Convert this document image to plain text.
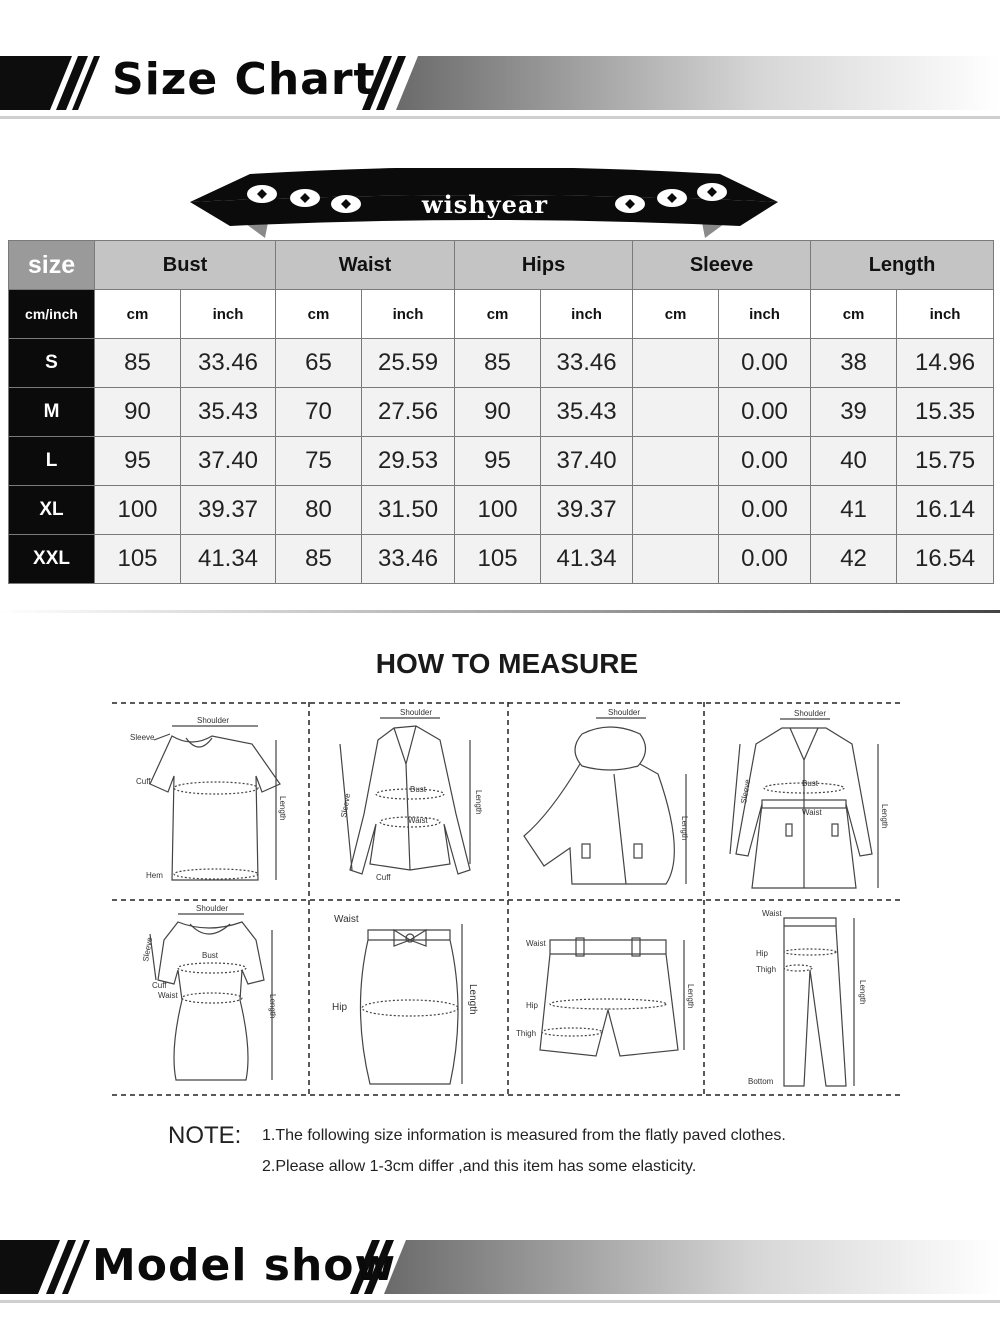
Size Chart
wishyear
size	Bust		Waist		Hips		Sleeve		Length	
cm/inch	cm	inch	cm	inch	cm	inch	cm	inch	cm	inch
S	85	33.46	65	25.59	85	33.46		0.00	38	14.96
M	90	35.43	70	27.56	90	35.43		0.00	39	15.35
L	95	37.40	75	29.53	95	37.40		0.00	40	15.75
XL	100	39.37	80	31.50	100	39.37		0.00	41	16.14
XXL	105	41.34	85	33.46	105	41.34		0.00	42	16.54
HOW TO MEASURE
Shoulder
Sleeve
Cuff
Length
Hem
Shoulder
Sleeve
Bust
Waist
Length
Cuff
Shoulder
Length
Shoulder
Sleeve	Bust
Waist	Length
Shoulder
Sleeve	Bust
Cuff
Waist	Length
Waist
Hip	Length
Waist
Hip
Thigh
Length
Waist
Hip
Thigh
Length
Bottom
NOTE: 1.The following size information is measured from the flatly paved clothes.
2.Please allow 1-3cm differ ,and this item has some elasticity.
Model show
